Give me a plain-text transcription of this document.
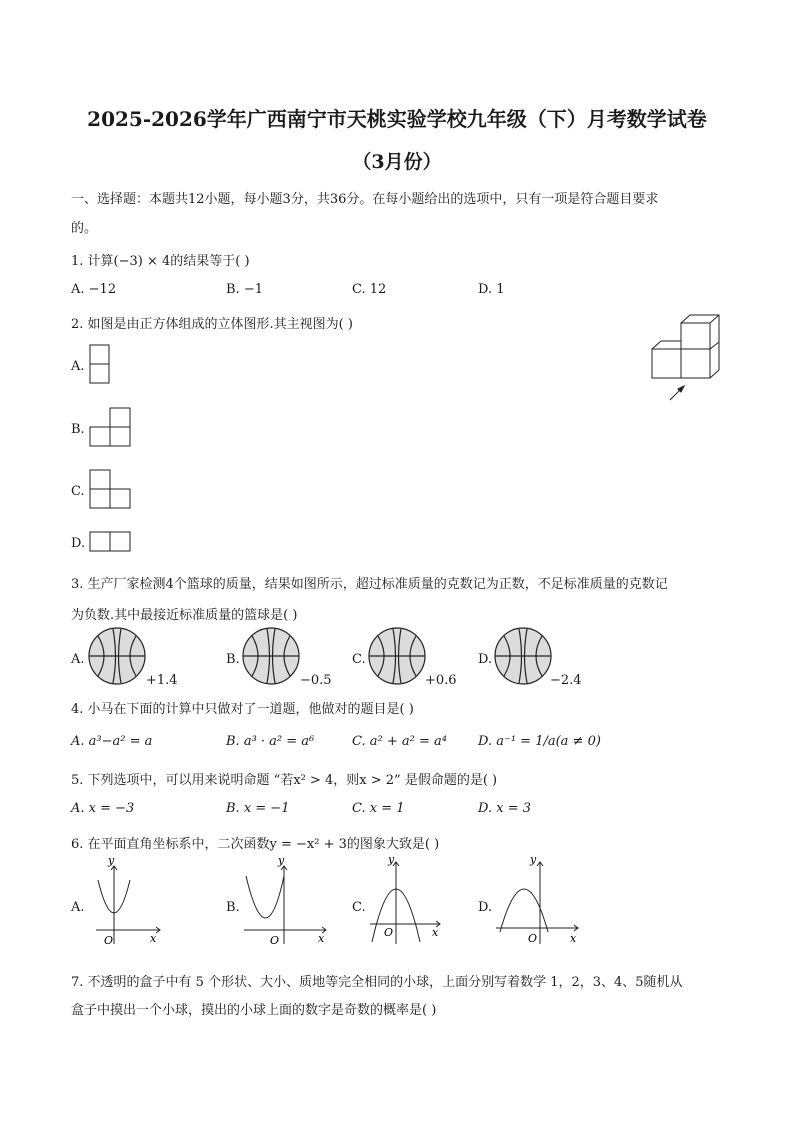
2025-2026学年广西南宁市天桃实验学校九年级（下）月考数学试卷
（3月份）
一、选择题：本题共12小题，每小题3分，共36分。在每小题给出的选项中，只有一项是符合题目要求
的。
1. 计算(−3) × 4的结果等于( )
A. −12	B. −1	C. 12	D. 1
2. 如图是由正方体组成的立体图形.其主视图为( )
A.
B.
C.
D.
3. 生产厂家检测4个篮球的质量，结果如图所示，超过标准质量的克数记为正数，不足标准质量的克数记
为负数.其中最接近标准质量的篮球是( )
A.
+1.4
B.
−0.5
C.
+0.6
D.
−2.4
4. 小马在下面的计算中只做对了一道题，他做对的题目是( )
A. a³−a² = a	B. a³ · a² = a⁶	C. a² + a² = a⁴ D. a⁻¹ = 1/a(a ≠ 0)
5. 下列选项中，可以用来说明命题 “若x² > 4，则x > 2” 是假命题的是( )
A. x = −3	B. x = −1	C. x = 1	D. x = 3
6. 在平面直角坐标系中，二次函数y = −x² + 3的图象大致是( )
A.
y
x
O
B.
y
x
O
C.
y
x
O
D.
y
x
O
7. 不透明的盒子中有 5 个形状、大小、质地等完全相同的小球，上面分别写着数学 1，2，3、4、5随机从
盒子中摸出一个小球，摸出的小球上面的数字是奇数的概率是( )
